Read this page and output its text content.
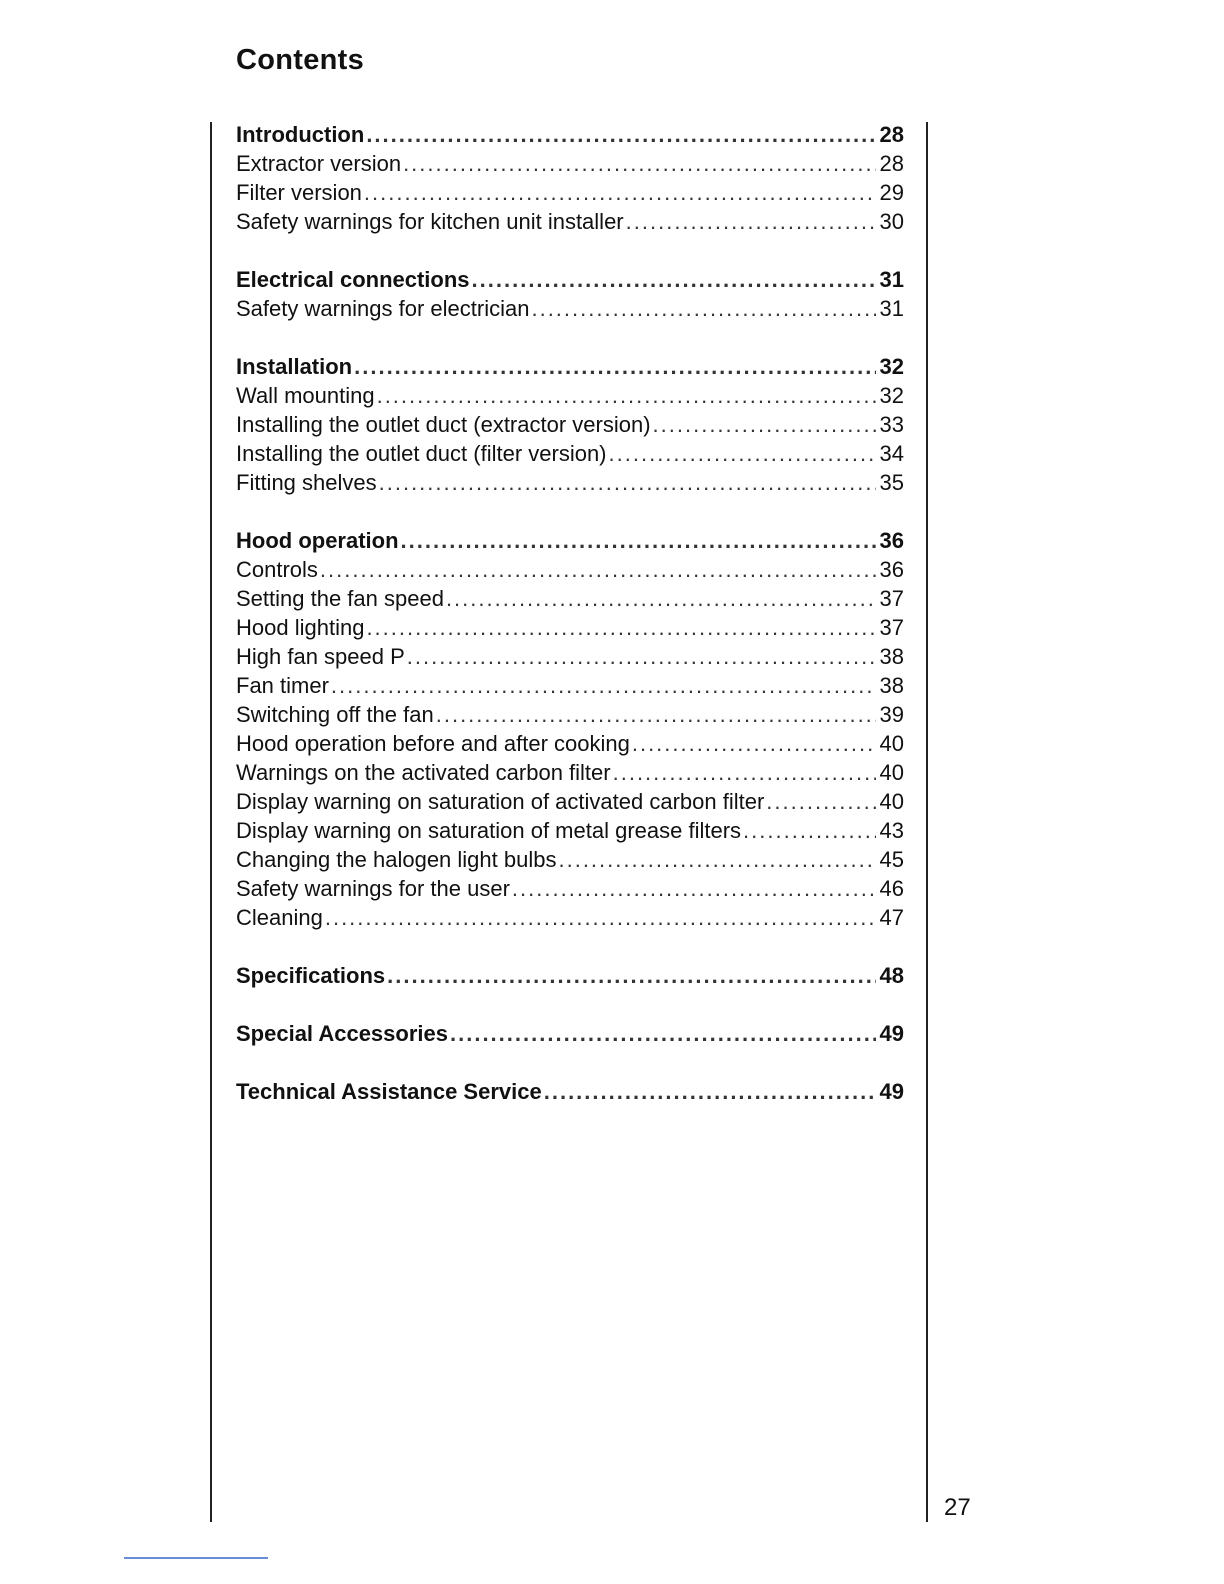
Contents
Introduction .....	28
Extractor version .....	28
Filter version .....	29
Safety warnings for kitchen unit installer .....	30
Electrical connections .....	31
Safety warnings for electrician .....	31
Installation .....	32
Wall mounting .....	32
Installing the outlet duct (extractor version) .....	33
Installing the outlet duct (filter version) .....	34
Fitting shelves .....	35
Hood operation .....	36
Controls .....	36
Setting the fan speed .....	37
Hood lighting .....	37
High fan speed P .....	38
Fan timer .....	38
Switching off the fan .....	39
Hood operation before and after cooking .....	40
Warnings on the activated carbon filter .....	40
Display warning on saturation of activated carbon filter .....	40
Display warning on saturation of metal grease filters .....	43
Changing the halogen light bulbs .....	45
Safety warnings for the user .....	46
Cleaning .....	47
Specifications .....	48
Special Accessories .....	49
Technical Assistance Service .....	49
27
